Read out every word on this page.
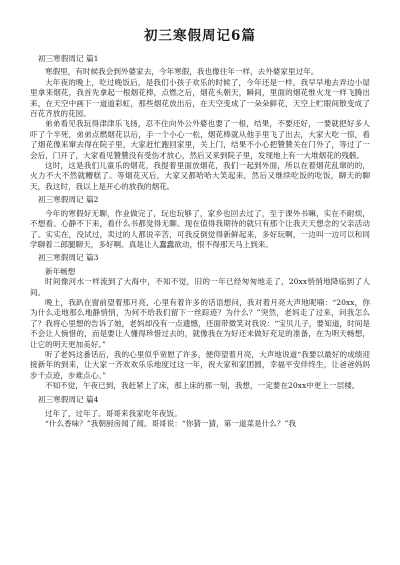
初三寒假周记6篇
初三寒假周记 篇1

寒假里，有时候我会到外婆家去，今年寒假，我也像往年一样，去外婆家里过年。

大年夜的晚上，吃过晚饭后，是我们小孩子欢乐的时候了，今年还是一样，我早早地去弄边小屋里拿来烟花，我首先拿起一根烟花棒，点燃之后，烟花头朝天，瞬间，里面的烟花惟火龙一样飞腾出来，在天空中画下一道道彩虹，那些烟花放出后，在天空变成了一朵朵鲜花，天空上贮眼间散变成了百花齐放的花园。

弟弟看见我玩得津津乐飞扬，忍不住向外公外婆也要了一根，结果，不要还好，一要就把好多人吓了个半死，弟弟点燃烟花以后，手一个小心一松，烟花棒就从他手里飞了出去，大家大吃一惊，看了烟花像来窜去得在院子里，大家赶忙跑回家里，关上门，结果不小心把贊贊关在门外了，等过了一会后，门开了，大家看见贊贊没有受伤才放心，然后又来到院子里，发现地上有一大堆烟花的残骸。

这时，这是我们儿童乐的烟花，我提着里面放烟花，我们一起到外面，所以在着烟花乱窜的的，火力不大不然就糟糕了。等烟花灭后，大家又都哈哈大笑起来，然后又继续吃饭的吃饭，聊天的聊天，我这时，我以上是开心的放我的烟花。

初三寒假周记 篇2

今年的寒假好无聊，作业做完了，玩也玩够了，家乡也回去过了，至于课外书嘛，实在不耐烦，不想看。心静不下来，看什么书都觉得无聊。现在值得我期待的就只有那个让我天天想念的父亲活动了。实实在，没试过，卖过的人都说辛苦，可我反倒觉得新鲜起来，多好玩啊，一边叫一边可以和同学聊着二郎腿聊天，多好啊。真是让人蠢蠢欲动，恨不得那天马上到来。

初三寒假周记 篇3

新年畅想

时间像河水一样流到了大海中，不知不觉，旧的一年已经匆匆地走了，20xx悄悄地降临到了人间。

晚上，我趴在窗前望着那月亮，心里有着许多的话语想问，我对着月亮大声地呢喃：“20xx，你为什么走地那么地静悄悄，为何不给我们留下一丝踪迹？为什么？”突然，老妈走了过来，问我怎么了？我将心里想的告诉了她，老妈却没有一点遗憾，还面带微笑对我说：“宝贝儿子，要知道，时间是不会让人惋惜的，而是要让人懂得珍惜过去的，就像我在为好还未做好充足的准备，在为明天畅想，让它的明天更加美好。”

听了老妈这番话后，我的心里似乎宽慰了许多，便仰望着月亮，大声地说道“我要以最好的成绩迎接新年的到来，让大家一齐欢欢乐乐地度过这一年，祝大家和家团圆，幸福平安伴终生，让爸爸妈妈步千点迹，步难点心。”

不知不觉，午夜已到，我赶紧上了床，那上床的那一刻，我想，一定要在20xx中更上一层楼。

初三寒假周记 篇4

过年了，过年了。哥哥来我家吃年夜饭。

“什么香味？”我朝厨房闻了闻。哥哥说：“你猜一猜，第一道菜是什么？”我
